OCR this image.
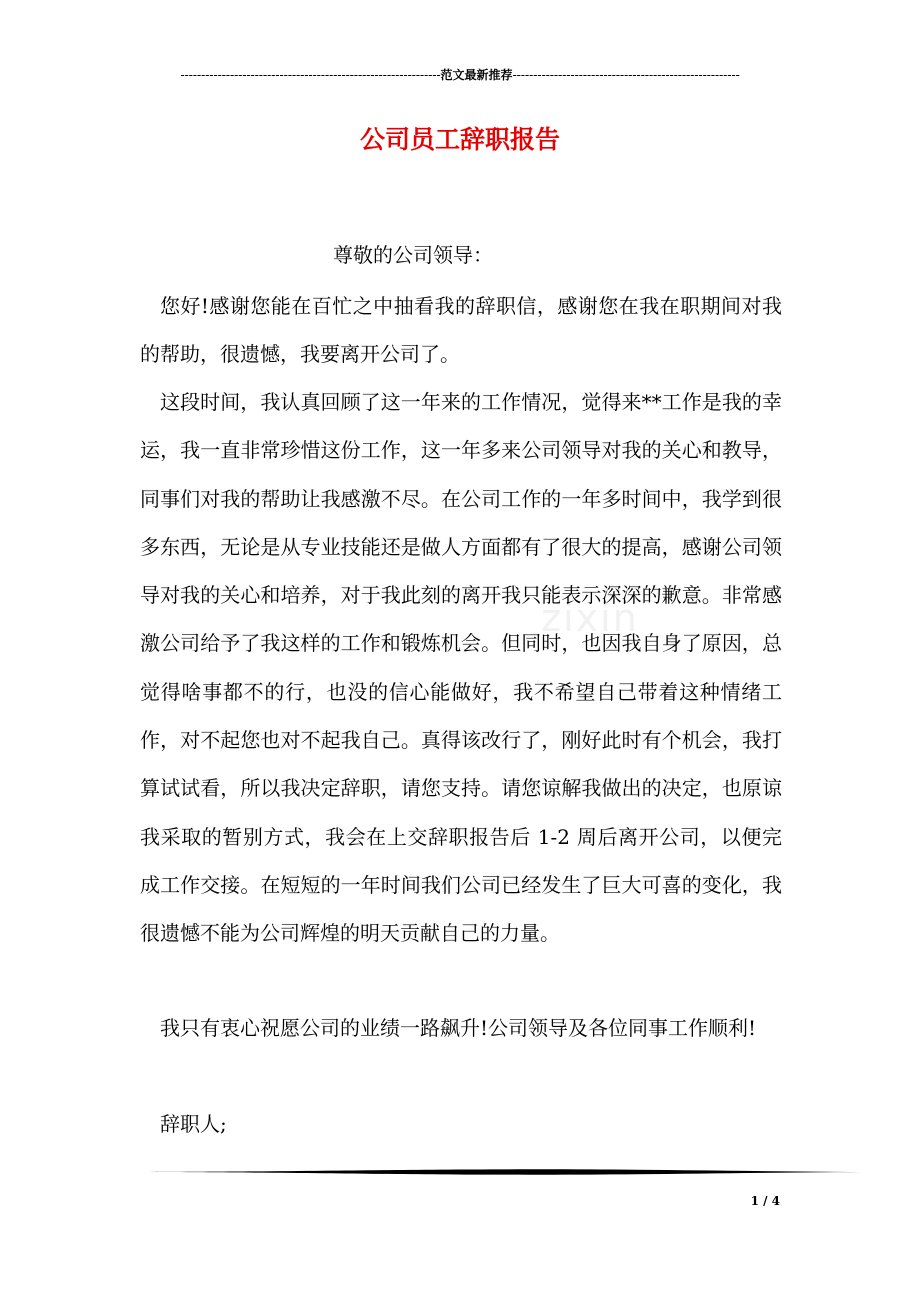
---------------------------------------------------------------范文最新推荐-------------------------------------------------------
公司员工辞职报告
zixin
尊敬的公司领导：

您好!感谢您能在百忙之中抽看我的辞职信，感谢您在我在职期间对我的帮助，很遗憾，我要离开公司了。

这段时间，我认真回顾了这一年来的工作情况，觉得来**工作是我的幸运，我一直非常珍惜这份工作，这一年多来公司领导对我的关心和教导，同事们对我的帮助让我感激不尽。在公司工作的一年多时间中，我学到很多东西，无论是从专业技能还是做人方面都有了很大的提高，感谢公司领导对我的关心和培养，对于我此刻的离开我只能表示深深的歉意。非常感激公司给予了我这样的工作和锻炼机会。但同时，也因我自身了原因，总觉得啥事都不的行，也没的信心能做好，我不希望自己带着这种情绪工作，对不起您也对不起我自己。真得该改行了，刚好此时有个机会，我打算试试看，所以我决定辞职，请您支持。请您谅解我做出的决定，也原谅我采取的暂别方式，我会在上交辞职报告后 1-2 周后离开公司，以便完成工作交接。在短短的一年时间我们公司已经发生了巨大可喜的变化，我很遗憾不能为公司辉煌的明天贡献自己的力量。

我只有衷心祝愿公司的业绩一路飙升!公司领导及各位同事工作顺利!

辞职人;

1 / 4
